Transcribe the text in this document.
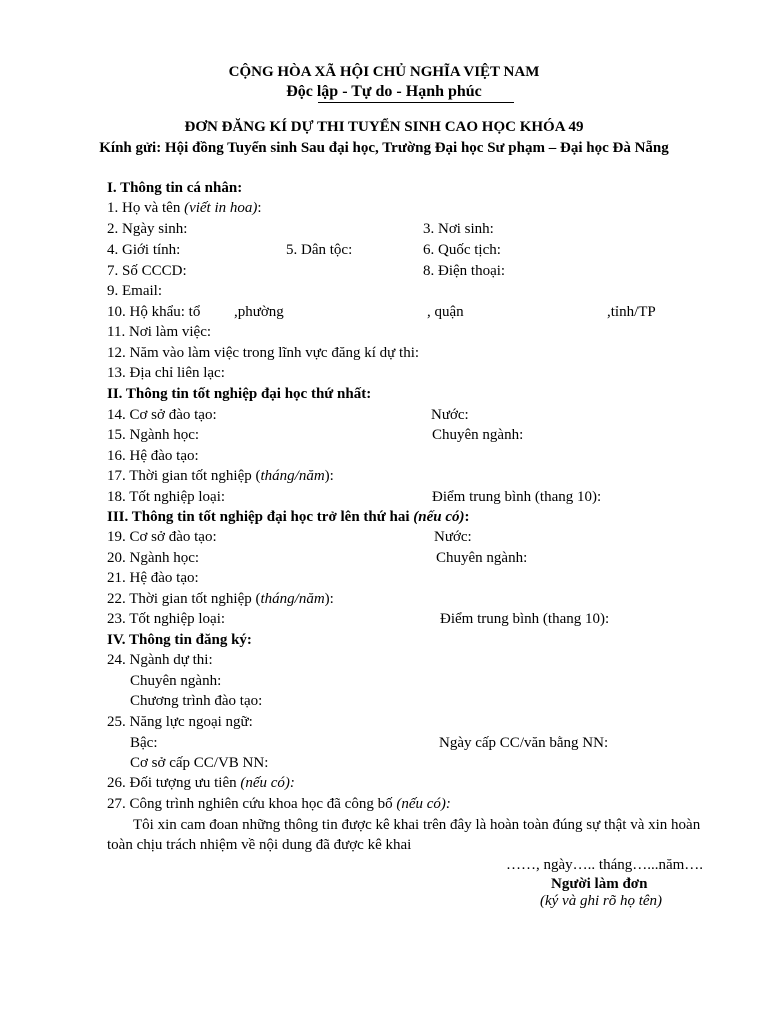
CỘNG HÒA XÃ HỘI CHỦ NGHĨA VIỆT NAM
Độc lập - Tự do - Hạnh phúc
ĐƠN ĐĂNG KÍ DỰ THI TUYỂN SINH CAO HỌC KHÓA 49
Kính gửi: Hội đồng Tuyển sinh Sau đại học, Trường Đại học Sư phạm – Đại học Đà Nẵng
I. Thông tin cá nhân:
1. Họ và tên (viết in hoa):
2. Ngày sinh:	3. Nơi sinh:
4. Giới tính:	5. Dân tộc:	6. Quốc tịch:
7. Số CCCD:	8. Điện thoại:
9. Email:
10. Hộ khẩu: tổ ,phường	, quận	,tỉnh/TP
11. Nơi làm việc:
12. Năm vào làm việc trong lĩnh vực đăng kí dự thi:
13. Địa chỉ liên lạc:
II. Thông tin tốt nghiệp đại học thứ nhất:
14. Cơ sở đào tạo:	Nước:
15. Ngành học:	Chuyên ngành:
16. Hệ đào tạo:
17. Thời gian tốt nghiệp (tháng/năm):
18. Tốt nghiệp loại:	Điểm trung bình (thang 10):
III. Thông tin tốt nghiệp đại học trở lên thứ hai (nếu có):
19. Cơ sở đào tạo:	Nước:
20. Ngành học:	Chuyên ngành:
21. Hệ đào tạo:
22. Thời gian tốt nghiệp (tháng/năm):
23. Tốt nghiệp loại:	Điểm trung bình (thang 10):
IV. Thông tin đăng ký:
24. Ngành dự thi:
Chuyên ngành:
Chương trình đào tạo:
25. Năng lực ngoại ngữ:
Bậc:	Ngày cấp CC/văn bằng NN:
Cơ sở cấp CC/VB NN:
26. Đối tượng ưu tiên (nếu có):
27. Công trình nghiên cứu khoa học đã công bố (nếu có):
Tôi xin cam đoan những thông tin được kê khai trên đây là hoàn toàn đúng sự thật và xin hoàn
toàn chịu trách nhiệm về nội dung đã được kê khai
……, ngày….. tháng…...năm….
Người làm đơn
(ký và ghi rõ họ tên)
